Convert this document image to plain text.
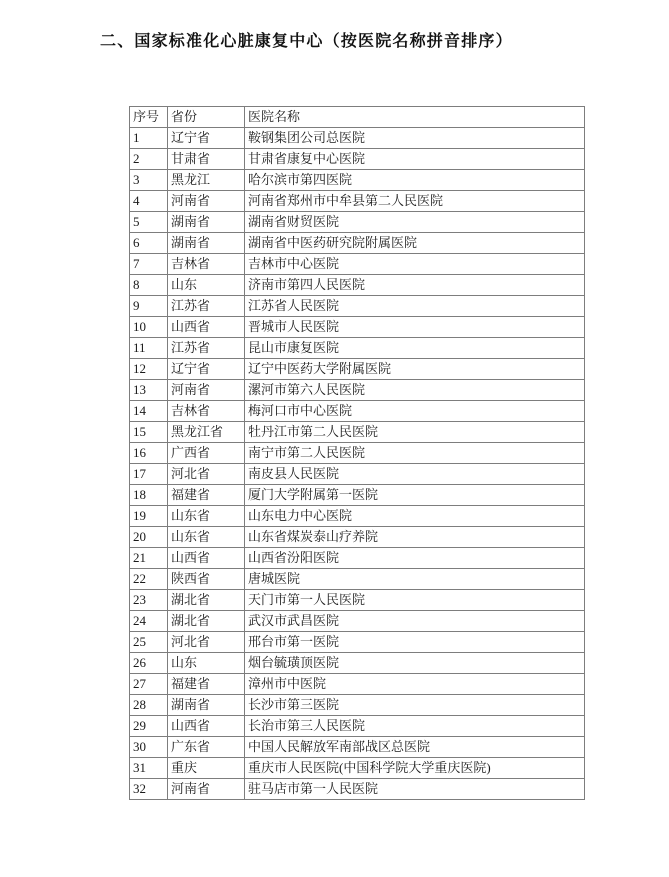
二、国家标准化心脏康复中心（按医院名称拼音排序）
序号	省份	医院名称
1	辽宁省	鞍钢集团公司总医院
2	甘肃省	甘肃省康复中心医院
3	黑龙江	哈尔滨市第四医院
4	河南省	河南省郑州市中牟县第二人民医院
5	湖南省	湖南省财贸医院
6	湖南省	湖南省中医药研究院附属医院
7	吉林省	吉林市中心医院
8	山东	济南市第四人民医院
9	江苏省	江苏省人民医院
10	山西省	晋城市人民医院
11	江苏省	昆山市康复医院
12	辽宁省	辽宁中医药大学附属医院
13	河南省	漯河市第六人民医院
14	吉林省	梅河口市中心医院
15	黑龙江省	牡丹江市第二人民医院
16	广西省	南宁市第二人民医院
17	河北省	南皮县人民医院
18	福建省	厦门大学附属第一医院
19	山东省	山东电力中心医院
20	山东省	山东省煤炭泰山疗养院
21	山西省	山西省汾阳医院
22	陕西省	唐城医院
23	湖北省	天门市第一人民医院
24	湖北省	武汉市武昌医院
25	河北省	邢台市第一医院
26	山东	烟台毓璜顶医院
27	福建省	漳州市中医院
28	湖南省	长沙市第三医院
29	山西省	长治市第三人民医院
30	广东省	中国人民解放军南部战区总医院
31	重庆	重庆市人民医院(中国科学院大学重庆医院)
32	河南省	驻马店市第一人民医院
